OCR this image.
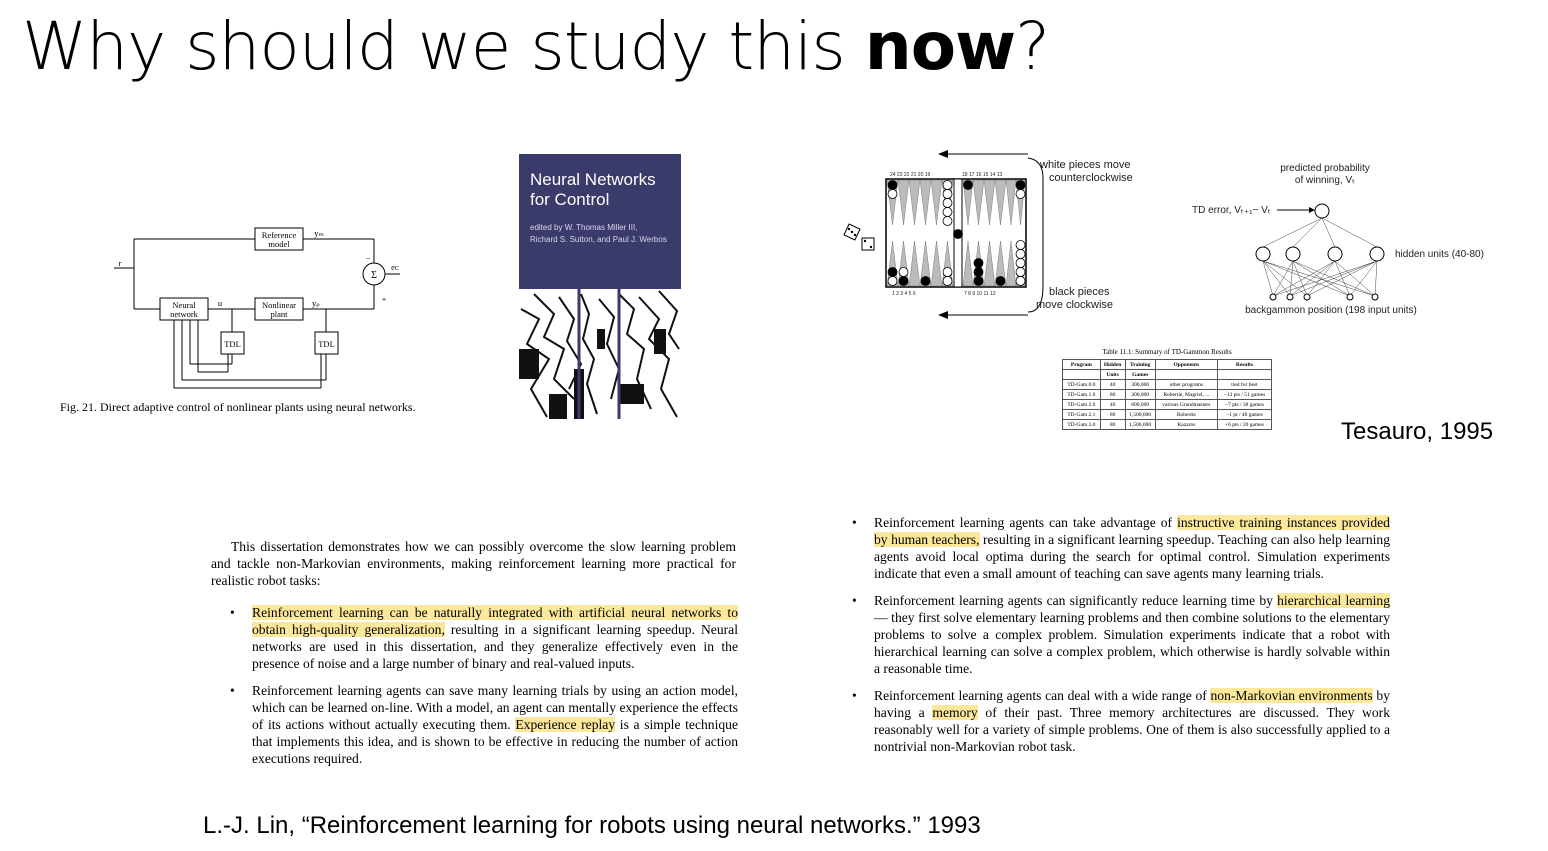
Why should we study this now?
Reference
model
Neural
network
Nonlinear
plant
TDL	TDL
Σ
r
yₘ
u	yₚ
eᴄ
−
+
Fig. 21. Direct adaptive control of nonlinear plants using neural networks.
Neural Networks
for Control
edited by W. Thomas Miller III,
Richard S. Sutton, and Paul J. Werbos
white pieces move
counterclockwise
black pieces
move clockwise
24 23 22 21 20 19	18 17 16 15 14 13
1 2 3 4 5 6	7 8 9 10 11 12
predicted probability
of winning, Vₜ
backgammon position (198 input units)
TD error, Vₜ₊₁− Vₜ
hidden units (40-80)
Table 11.1: Summary of TD-Gammon Results
Program	Hidden	Training	Opponents	Results
	Units	Games		
TD-Gam 0.0	40	300,000	other programs	tied for best
TD-Gam 1.0	80	300,000	Robertie, Magriel, ...	−13 pts / 51 games
TD-Gam 2.0	40	800,000	various Grandmasters	−7 pts / 38 games
TD-Gam 2.1	80	1,500,000	Robertie	−1 pt / 40 games
TD-Gam 3.0	80	1,500,000	Kazaros	+6 pts / 20 games	Tesauro, 1995

This dissertation demonstrates how we can possibly overcome the slow learning problem and tackle non-Markovian environments, making reinforcement learning more practical for realistic robot tasks:

• Reinforcement learning can be naturally integrated with artificial neural networks to obtain high-quality generalization, resulting in a significant learning speedup. Neural networks are used in this dissertation, and they generalize effectively even in the presence of noise and a large number of binary and real-valued inputs.
• Reinforcement learning agents can save many learning trials by using an action model, which can be learned on-line. With a model, an agent can mentally experience the effects of its actions without actually executing them. Experience replay is a simple technique that implements this idea, and is shown to be effective in reducing the number of action executions required.
• Reinforcement learning agents can take advantage of instructive training instances provided by human teachers, resulting in a significant learning speedup. Teaching can also help learning agents avoid local optima during the search for optimal control. Simulation experiments indicate that even a small amount of teaching can save agents many learning trials.
• Reinforcement learning agents can significantly reduce learning time by hierarchical learning— they first solve elementary learning problems and then combine solutions to the elementary problems to solve a complex problem. Simulation experiments indicate that a robot with hierarchical learning can solve a complex problem, which otherwise is hardly solvable within a reasonable time.
• Reinforcement learning agents can deal with a wide range of non-Markovian environments by having a memory of their past. Three memory architectures are discussed. They work reasonably well for a variety of simple problems. One of them is also successfully applied to a nontrivial non-Markovian robot task.
L.-J. Lin, “Reinforcement learning for robots using neural networks.” 1993
